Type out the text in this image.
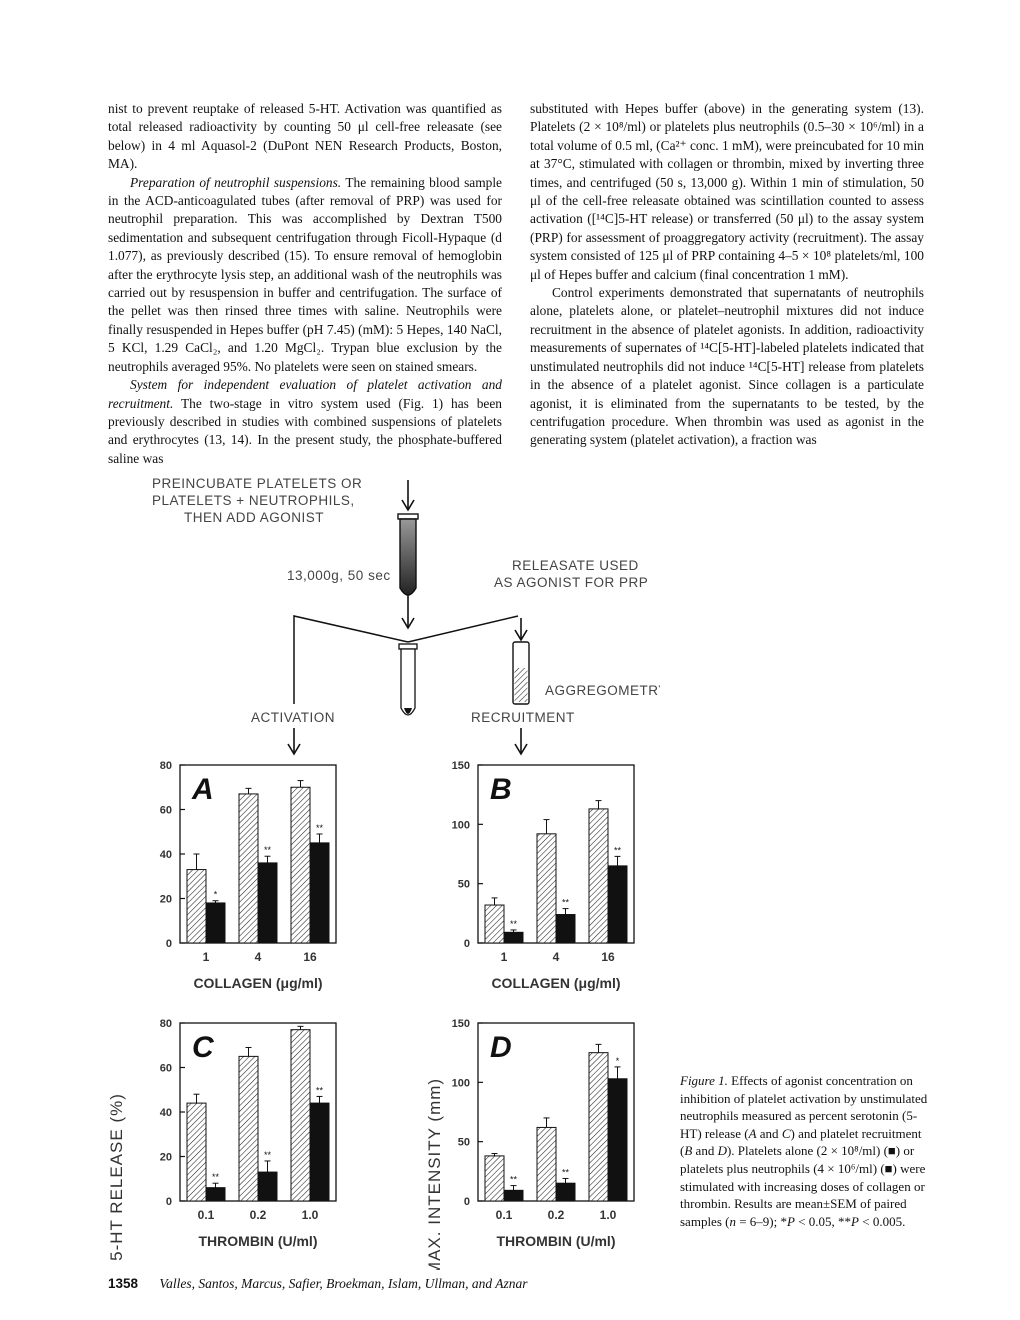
nist to prevent reuptake of released 5-HT. Activation was quantified as total released radioactivity by counting 50 μl cell-free releasate (see below) in 4 ml Aquasol-2 (DuPont NEN Research Products, Boston, MA).

Preparation of neutrophil suspensions. The remaining blood sample in the ACD-anticoagulated tubes (after removal of PRP) was used for neutrophil preparation. This was accomplished by Dextran T500 sedimentation and subsequent centrifugation through Ficoll-Hypaque (d 1.077), as previously described (15). To ensure removal of hemoglobin after the erythrocyte lysis step, an additional wash of the neutrophils was carried out by resuspension in buffer and centrifugation. The surface of the pellet was then rinsed three times with saline. Neutrophils were finally resuspended in Hepes buffer (pH 7.45) (mM): 5 Hepes, 140 NaCl, 5 KCl, 1.29 CaCl₂, and 1.20 MgCl₂. Trypan blue exclusion by the neutrophils averaged 95%. No platelets were seen on stained smears.

System for independent evaluation of platelet activation and recruitment. The two-stage in vitro system used (Fig. 1) has been previously described in studies with combined suspensions of platelets and erythrocytes (13, 14). In the present study, the phosphate-buffered saline was

substituted with Hepes buffer (above) in the generating system (13). Platelets (2 × 10⁸/ml) or platelets plus neutrophils (0.5–30 × 10⁶/ml) in a total volume of 0.5 ml, (Ca²⁺ conc. 1 mM), were preincubated for 10 min at 37°C, stimulated with collagen or thrombin, mixed by inverting three times, and centrifuged (50 s, 13,000 g). Within 1 min of stimulation, 50 μl of the cell-free releasate obtained was scintillation counted to assess activation ([¹⁴C]5-HT release) or transferred (50 μl) to the assay system (PRP) for assessment of proaggregatory activity (recruitment). The assay system consisted of 125 μl of PRP containing 4–5 × 10⁸ platelets/ml, 100 μl of Hepes buffer and calcium (final concentration 1 mM).

Control experiments demonstrated that supernatants of neutrophils alone, platelets alone, or platelet–neutrophil mixtures did not induce recruitment in the absence of platelet agonists. In addition, radioactivity measurements of supernates of ¹⁴C[5-HT]-labeled platelets indicated that unstimulated neutrophils did not induce ¹⁴C[5-HT] release from platelets in the absence of a platelet agonist. Since collagen is a particulate agonist, it is eliminated from the supernatants to be tested, by the centrifugation procedure. When thrombin was used as agonist in the generating system (platelet activation), a fraction was

PREINCUBATE PLATELETS OR
PLATELETS + NEUTROPHILS,
THEN ADD AGONIST
13,000g, 50 sec
RELEASATE USED
AS AGONIST FOR PRP
AGGREGOMETRY
ACTIVATION	RECRUITMENT
5-HT RELEASE (%)	MAX. INTENSITY (mm)
0
20
40
60
80
A
*
1
**
4
**
16
COLLAGEN (μg/ml)
0
50
100
150
B
**
1
**
4
**
16
COLLAGEN (μg/ml)
0
20
40
60
80
C
**
0.1
**
0.2
**
1.0
THROMBIN (U/ml)
0
50
100
150
D
**
0.1
**
0.2
*
1.0
THROMBIN (U/ml)
Figure 1. Effects of agonist concentration on inhibition of platelet activation by unstimulated neutrophils measured as percent serotonin (5-HT) release (A and C) and platelet recruitment (B and D). Platelets alone (2 × 10⁸/ml) (■) or platelets plus neutrophils (4 × 10⁶/ml) (■) were stimulated with increasing doses of collagen or thrombin. Results are mean±SEM of paired samples (n = 6–9); *P < 0.05, **P < 0.005.
1358 Valles, Santos, Marcus, Safier, Broekman, Islam, Ullman, and Aznar
